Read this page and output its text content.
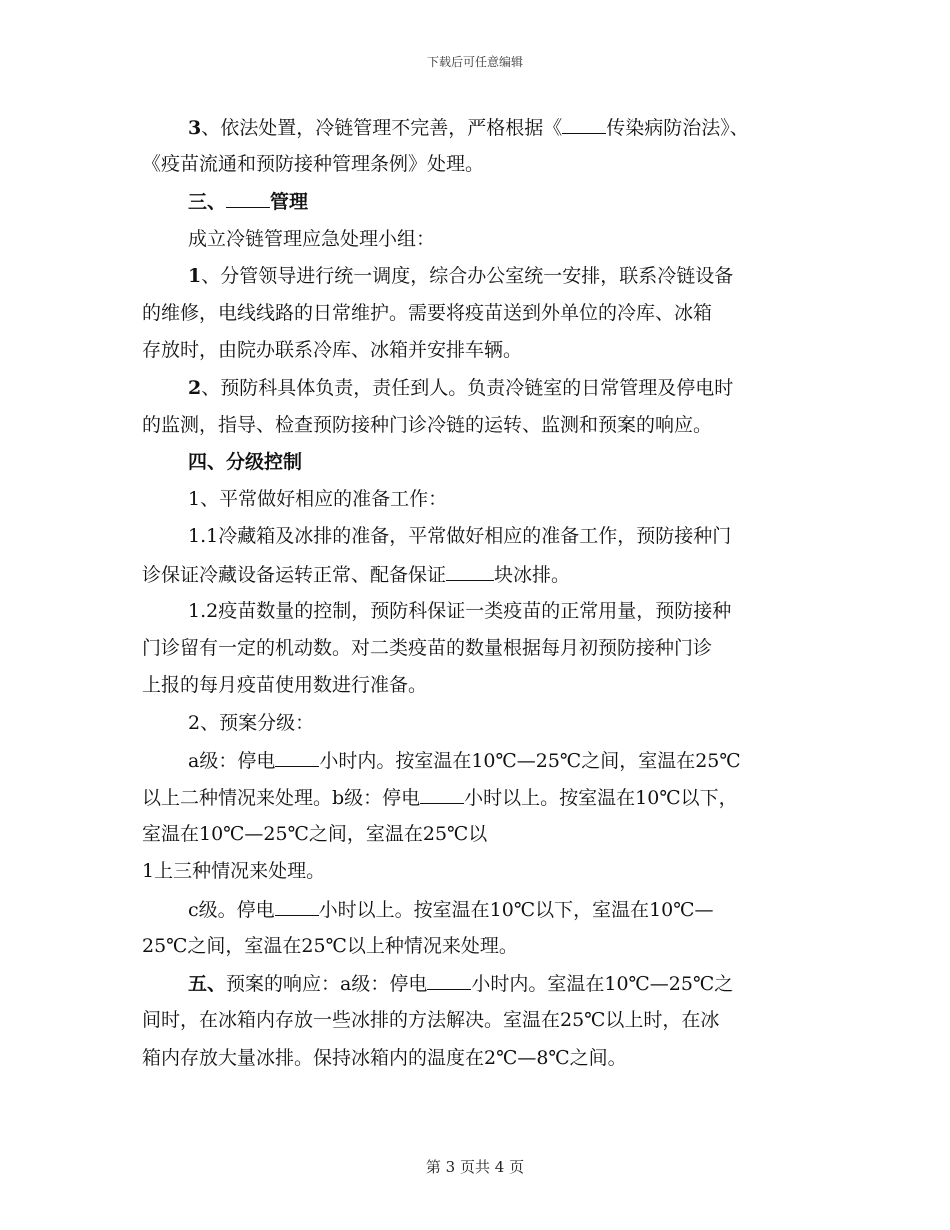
下载后可任意编辑
3、依法处置，冷链管理不完善，严格根据《 传染病防治法》、
《疫苗流通和预防接种管理条例》处理。
三、 管理
成立冷链管理应急处理小组：
1、分管领导进行统一调度，综合办公室统一安排，联系冷链设备
的维修，电线线路的日常维护。需要将疫苗送到外单位的冷库、冰箱
存放时，由院办联系冷库、冰箱并安排车辆。
2、预防科具体负责，责任到人。负责冷链室的日常管理及停电时
的监测，指导、检查预防接种门诊冷链的运转、监测和预案的响应。
四、分级控制
1、平常做好相应的准备工作：
1.1冷藏箱及冰排的准备，平常做好相应的准备工作，预防接种门
诊保证冷藏设备运转正常、配备保证	块冰排。
1.2疫苗数量的控制，预防科保证一类疫苗的正常用量，预防接种
门诊留有一定的机动数。对二类疫苗的数量根据每月初预防接种门诊
上报的每月疫苗使用数进行准备。
2、预案分级：
a级：停电 小时内。按室温在10℃—25℃之间，室温在25℃
以上二种情况来处理。b级：停电 小时以上。按室温在10℃以下，
室温在10℃—25℃之间，室温在25℃以
1上三种情况来处理。
c级。停电 小时以上。按室温在10℃以下，室温在10℃—
25℃之间，室温在25℃以上种情况来处理。
五、预案的响应：a级：停电 小时内。室温在10℃—25℃之
间时，在冰箱内存放一些冰排的方法解决。室温在25℃以上时，在冰
箱内存放大量冰排。保持冰箱内的温度在2℃—8℃之间。
第 3 页共 4 页
